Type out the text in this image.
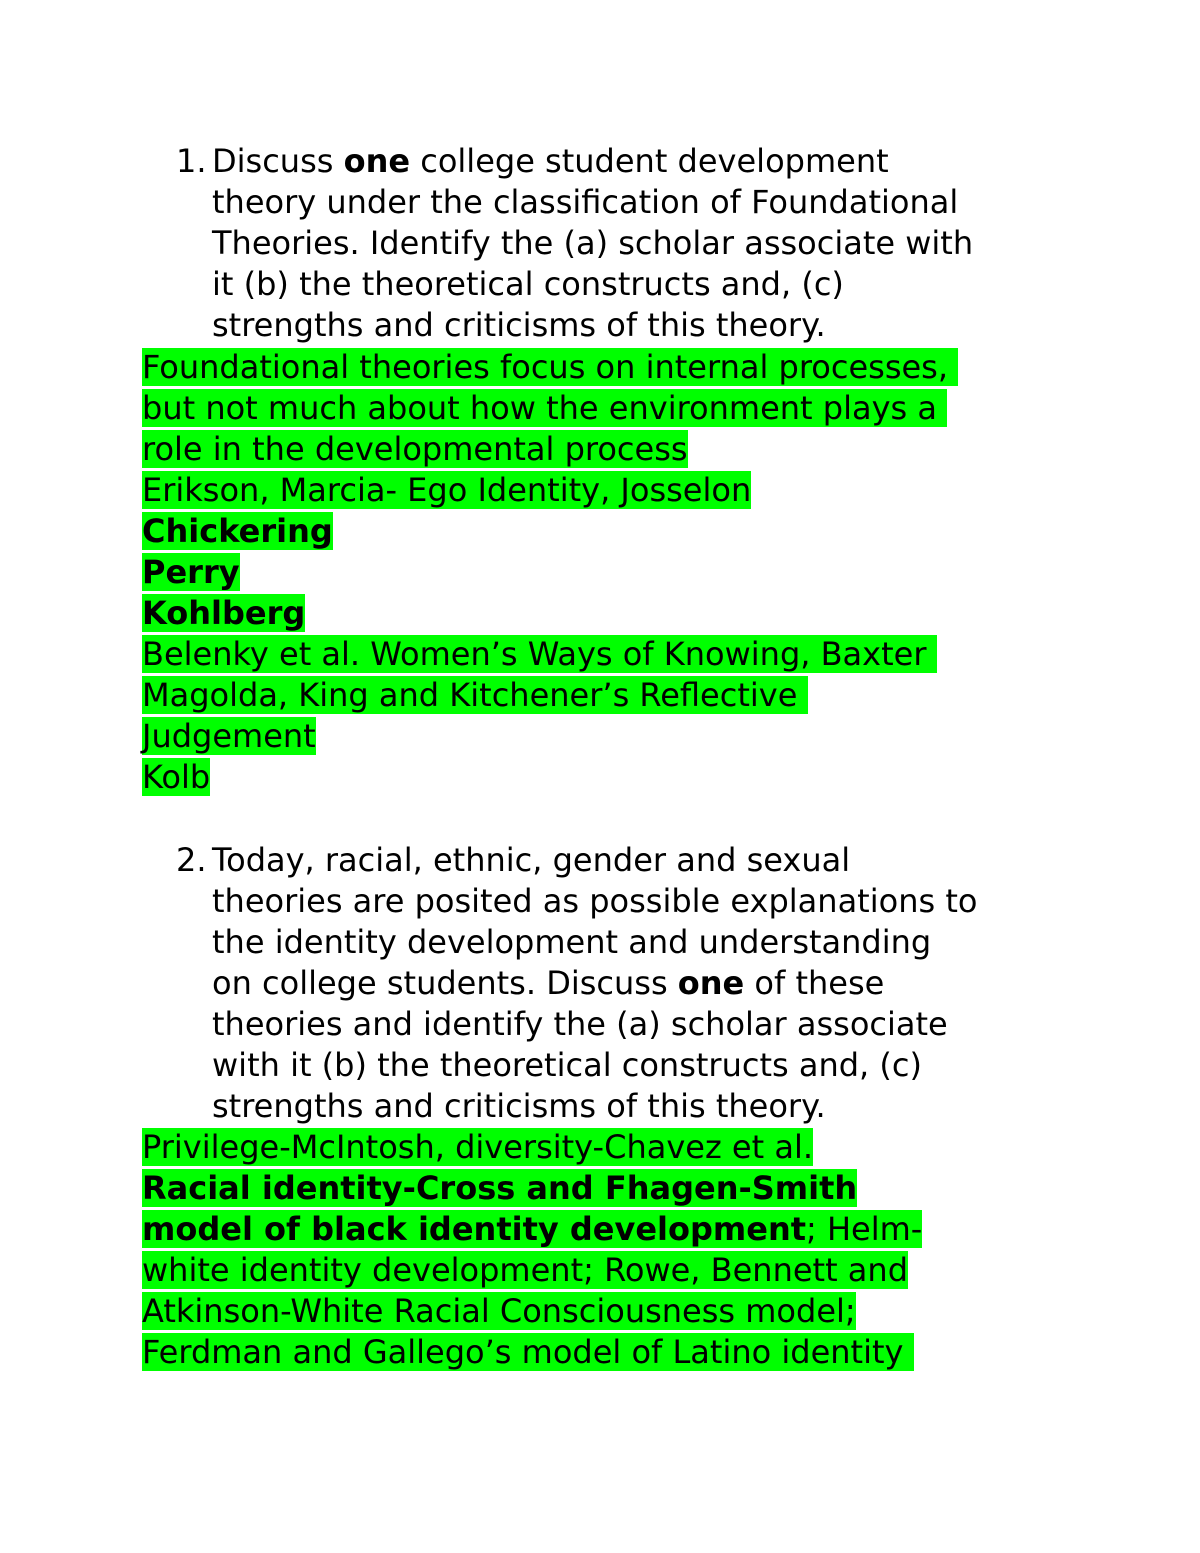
1. Discuss one college student development
theory under the classification of Foundational
Theories. Identify the (a) scholar associate with
it (b) the theoretical constructs and, (c)
strengths and criticisms of this theory.
Foundational theories focus on internal processes,
but not much about how the environment plays a
role in the developmental process
Erikson, Marcia- Ego Identity, Josselon
Chickering
Perry
Kohlberg
Belenky et al. Women’s Ways of Knowing, Baxter
Magolda, King and Kitchener’s Reflective
Judgement
Kolb
2. Today, racial, ethnic, gender and sexual
theories are posited as possible explanations to
the identity development and understanding
on college students. Discuss one of these
theories and identify the (a) scholar associate
with it (b) the theoretical constructs and, (c)
strengths and criticisms of this theory.
Privilege-McIntosh, diversity-Chavez et al.
Racial identity-Cross and Fhagen-Smith
model of black identity development; Helm-
white identity development; Rowe, Bennett and
Atkinson-White Racial Consciousness model;
Ferdman and Gallego’s model of Latino identity
